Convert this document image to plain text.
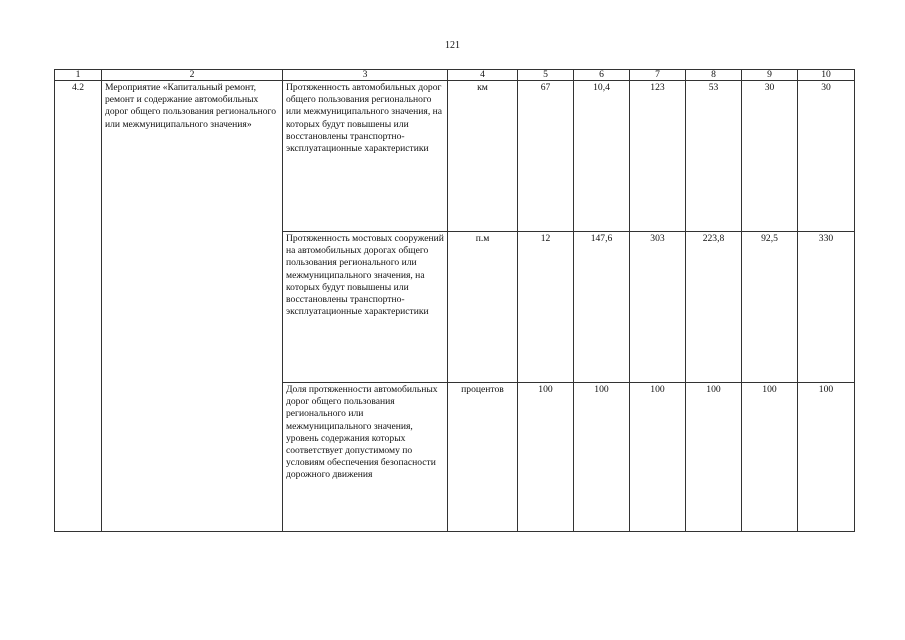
121
1	2	3	4	5	6	7	8	9	10
4.2	Мероприятие «Капитальный ремонт, ремонт и содержание автомобильных дорог общего пользования регионального или межмуниципального значения»	Протяженность автомобильных дорог общего пользования регионального или межмуниципального значения, на которых будут повышены или восстановлены транспортно-эксплуатационные характеристики	км	67	10,4	123	53	30	30
		Протяженность мостовых сооружений на автомобильных дорогах общего пользования регионального или межмуниципального значения, на которых будут повышены или восстановлены транспортно-эксплуатационные характеристики	п.м	12	147,6	303	223,8	92,5	330
		Доля протяженности автомобильных дорог общего пользования регионального или межмуниципального значения, уровень содержания которых соответствует допустимому по условиям обеспечения безопасности дорожного движения	процентов	100	100	100	100	100	100
